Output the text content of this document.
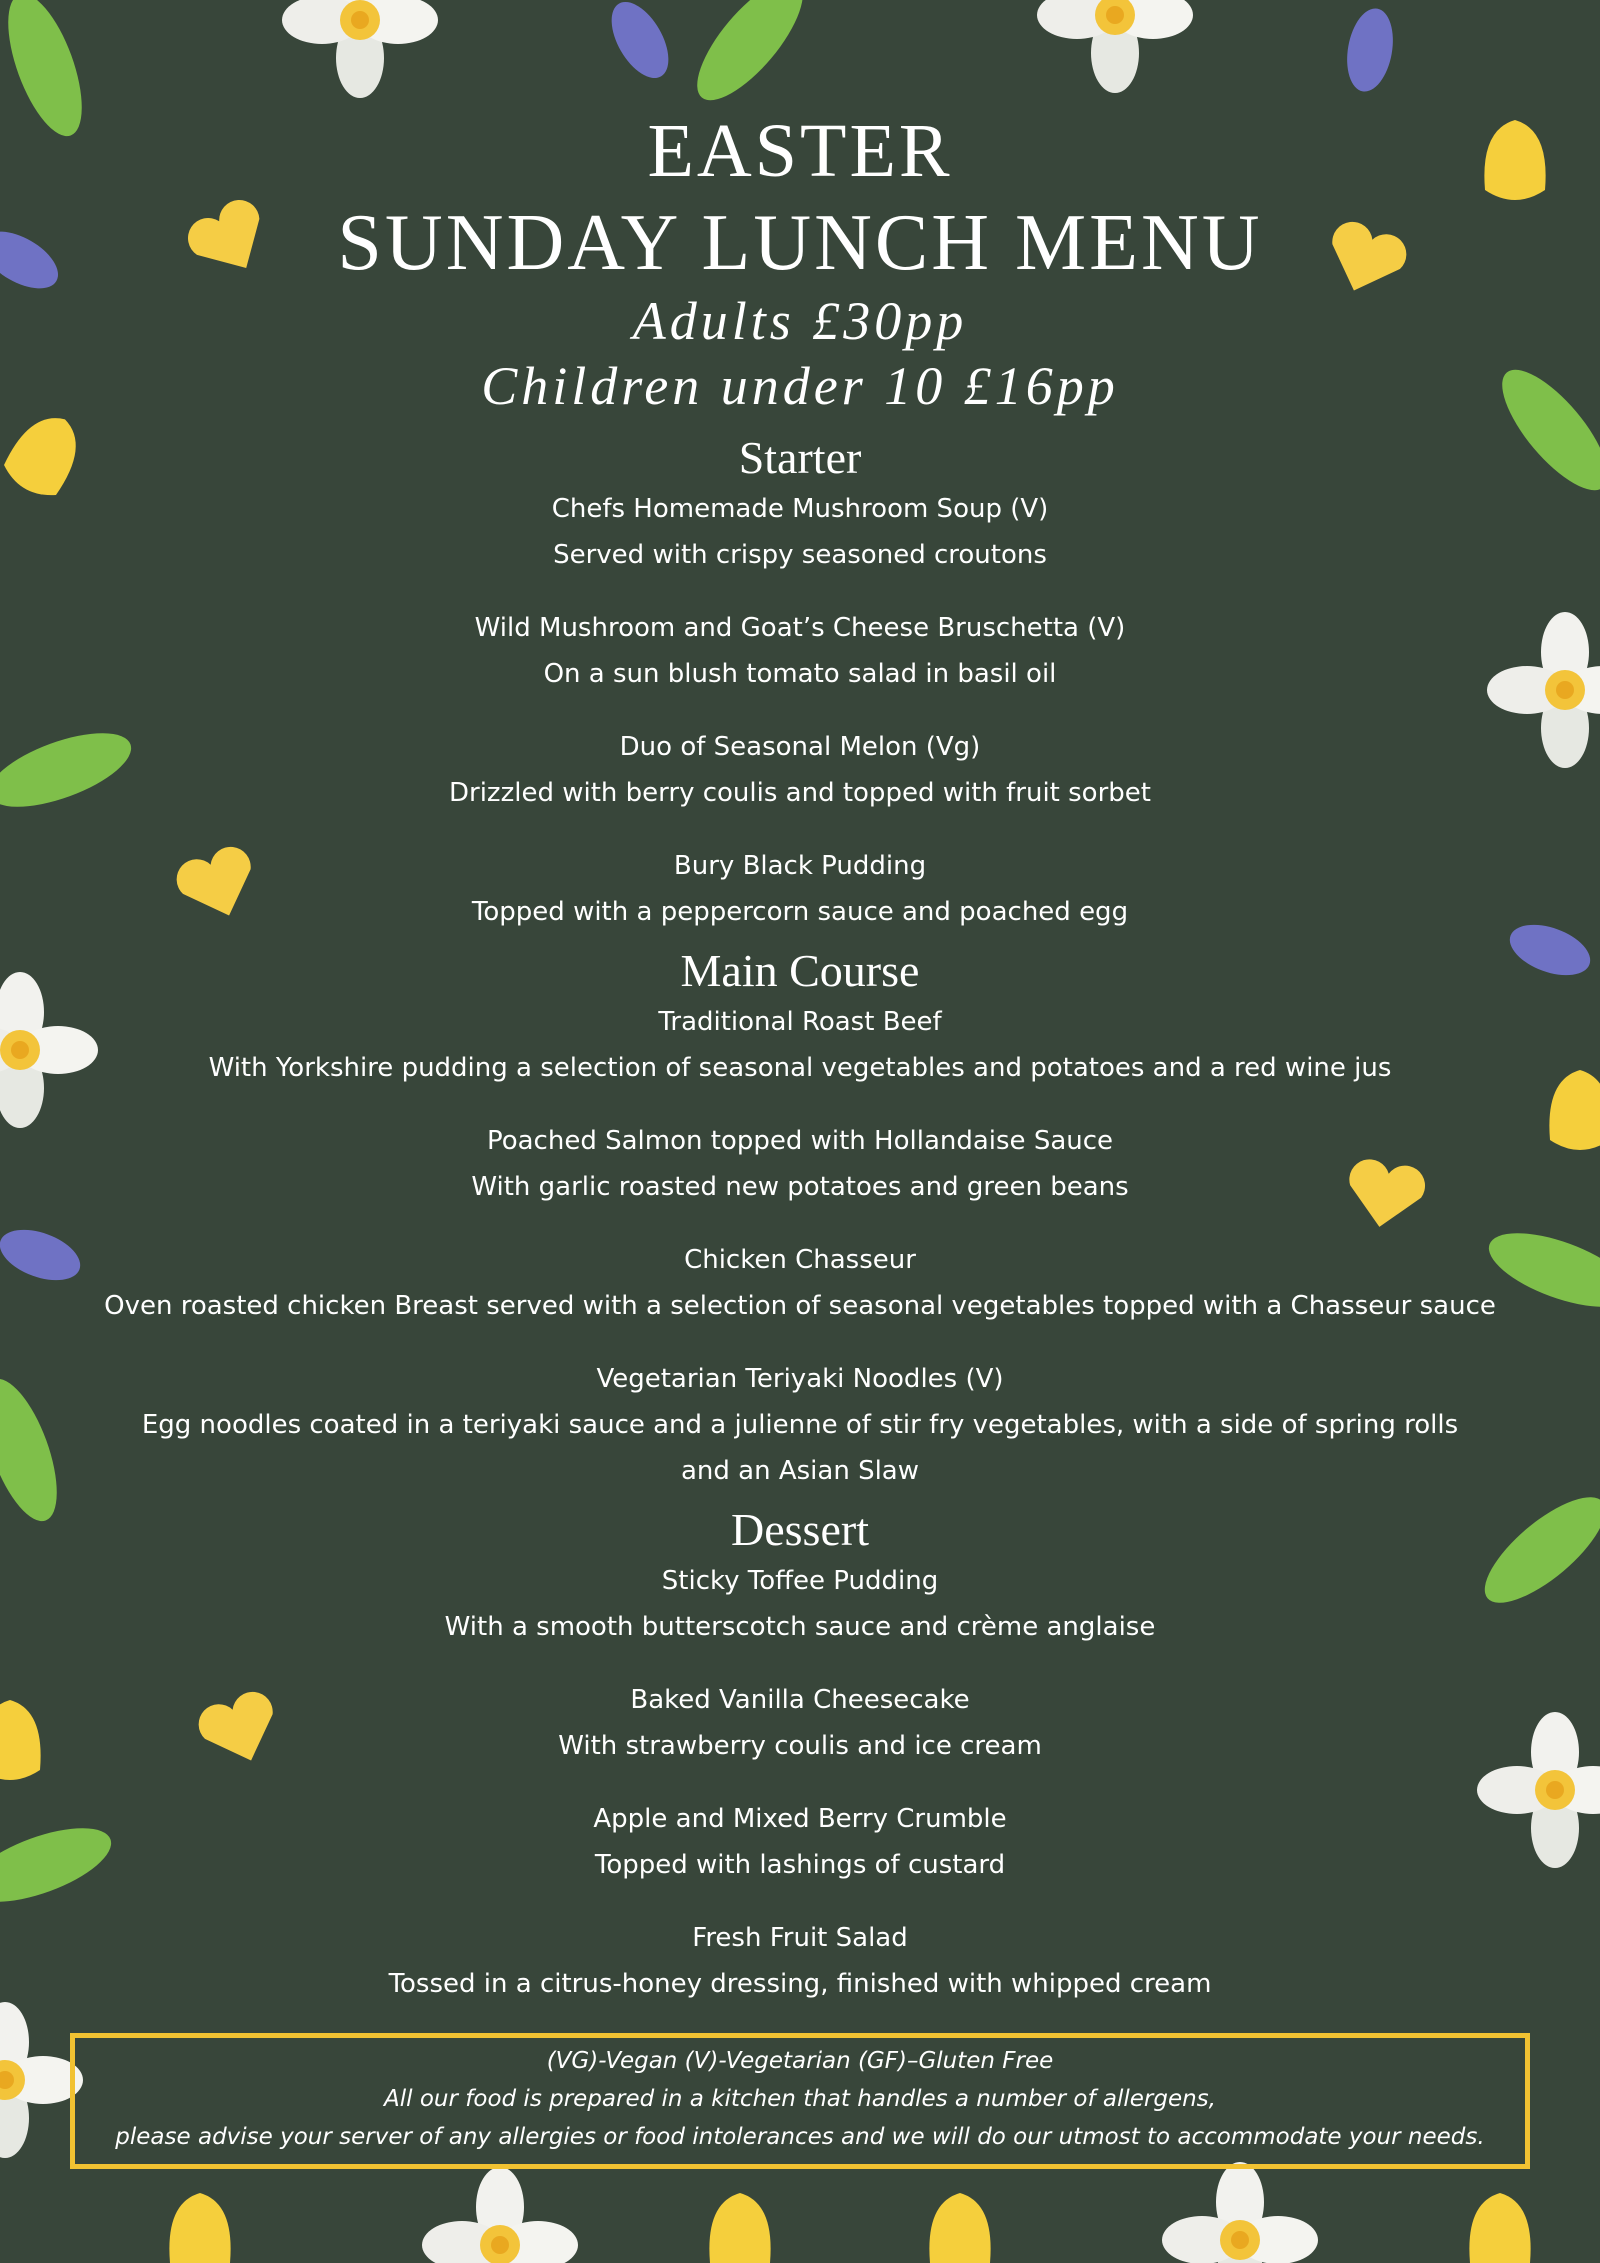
EASTER
SUNDAY LUNCH MENU
Adults £30pp
Children under 10 £16pp
Starter
Chefs Homemade Mushroom Soup (V)
Served with crispy seasoned croutons
Wild Mushroom and Goat’s Cheese Bruschetta (V)
On a sun blush tomato salad in basil oil
Duo of Seasonal Melon (Vg)
Drizzled with berry coulis and topped with fruit sorbet
Bury Black Pudding
Topped with a peppercorn sauce and poached egg
Main Course
Traditional Roast Beef
With Yorkshire pudding a selection of seasonal vegetables and potatoes and a red wine jus
Poached Salmon topped with Hollandaise Sauce
With garlic roasted new potatoes and green beans
Chicken Chasseur
Oven roasted chicken Breast served with a selection of seasonal vegetables topped with a Chasseur sauce
Vegetarian Teriyaki Noodles (V)
Egg noodles coated in a teriyaki sauce and a julienne of stir fry vegetables, with a side of spring rolls
and an Asian Slaw
Dessert
Sticky Toffee Pudding
With a smooth butterscotch sauce and crème anglaise
Baked Vanilla Cheesecake
With strawberry coulis and ice cream
Apple and Mixed Berry Crumble
Topped with lashings of custard
Fresh Fruit Salad
Tossed in a citrus-honey dressing, finished with whipped cream
(VG)-Vegan (V)-Vegetarian (GF)–Gluten Free
All our food is prepared in a kitchen that handles a number of allergens,
please advise your server of any allergies or food intolerances and we will do our utmost to accommodate your needs.
